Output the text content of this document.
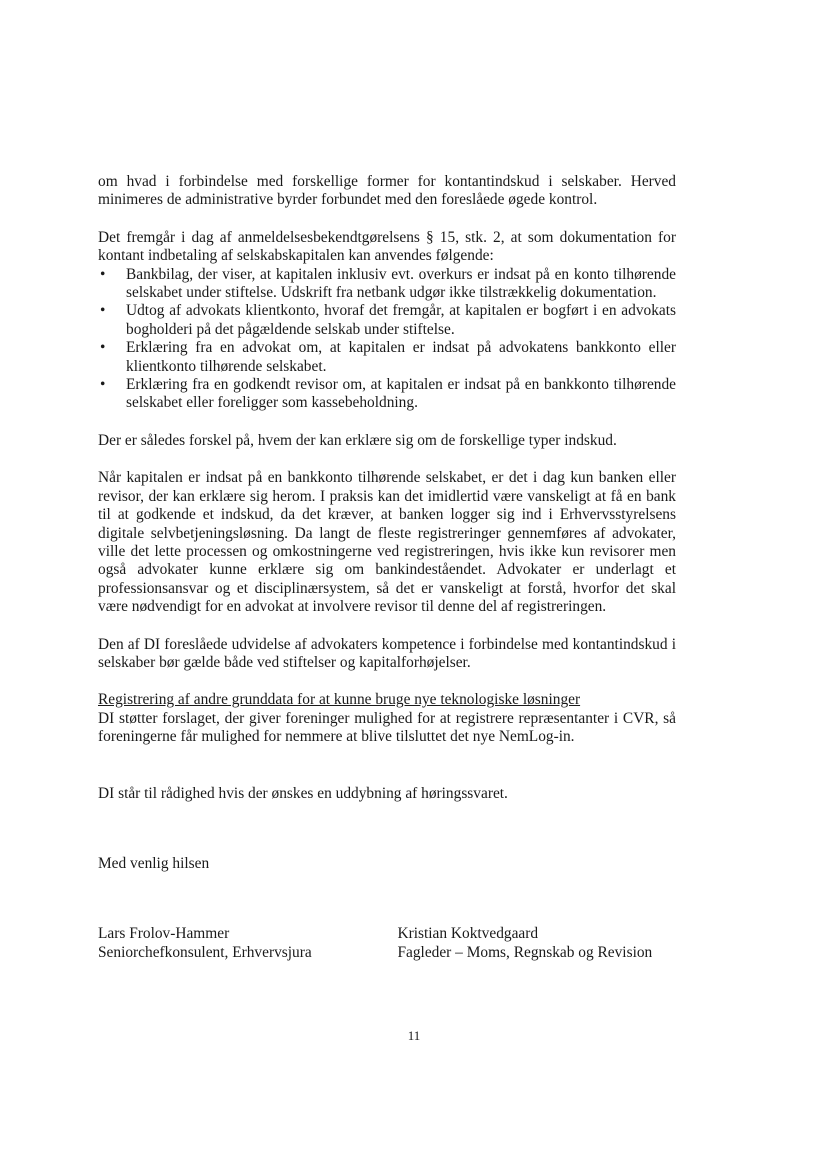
om hvad i forbindelse med forskellige former for kontantindskud i selskaber. Herved minimeres de administrative byrder forbundet med den foreslåede øgede kontrol.

Det fremgår i dag af anmeldelsesbekendtgørelsens § 15, stk. 2, at som dokumentation for kontant indbetaling af selskabskapitalen kan anvendes følgende:

• Bankbilag, der viser, at kapitalen inklusiv evt. overkurs er indsat på en konto tilhørende selskabet under stiftelse. Udskrift fra netbank udgør ikke tilstrækkelig dokumentation.
• Udtog af advokats klientkonto, hvoraf det fremgår, at kapitalen er bogført i en advokats bogholderi på det pågældende selskab under stiftelse.
• Erklæring fra en advokat om, at kapitalen er indsat på advokatens bankkonto eller klientkonto tilhørende selskabet.
• Erklæring fra en godkendt revisor om, at kapitalen er indsat på en bankkonto tilhørende selskabet eller foreligger som kassebeholdning.

Der er således forskel på, hvem der kan erklære sig om de forskellige typer indskud.

Når kapitalen er indsat på en bankkonto tilhørende selskabet, er det i dag kun banken eller revisor, der kan erklære sig herom. I praksis kan det imidlertid være vanskeligt at få en bank til at godkende et indskud, da det kræver, at banken logger sig ind i Erhvervsstyrelsens digitale selvbetjeningsløsning. Da langt de fleste registreringer gennemføres af advokater, ville det lette processen og omkostningerne ved registreringen, hvis ikke kun revisorer men også advokater kunne erklære sig om bankindeståendet. Advokater er underlagt et professionsansvar og et disciplinærsystem, så det er vanskeligt at forstå, hvorfor det skal være nødvendigt for en advokat at involvere revisor til denne del af registreringen.

Den af DI foreslåede udvidelse af advokaters kompetence i forbindelse med kontantindskud i selskaber bør gælde både ved stiftelser og kapitalforhøjelser.

Registrering af andre grunddata for at kunne bruge nye teknologiske løsninger

DI støtter forslaget, der giver foreninger mulighed for at registrere repræsentanter i CVR, så foreningerne får mulighed for nemmere at blive tilsluttet det nye NemLog-in.

DI står til rådighed hvis der ønskes en uddybning af høringssvaret.

Med venlig hilsen

Lars Frolov-Hammer

Seniorchefkonsulent, Erhvervsjura

Kristian Koktvedgaard

Fagleder – Moms, Regnskab og Revision

11
